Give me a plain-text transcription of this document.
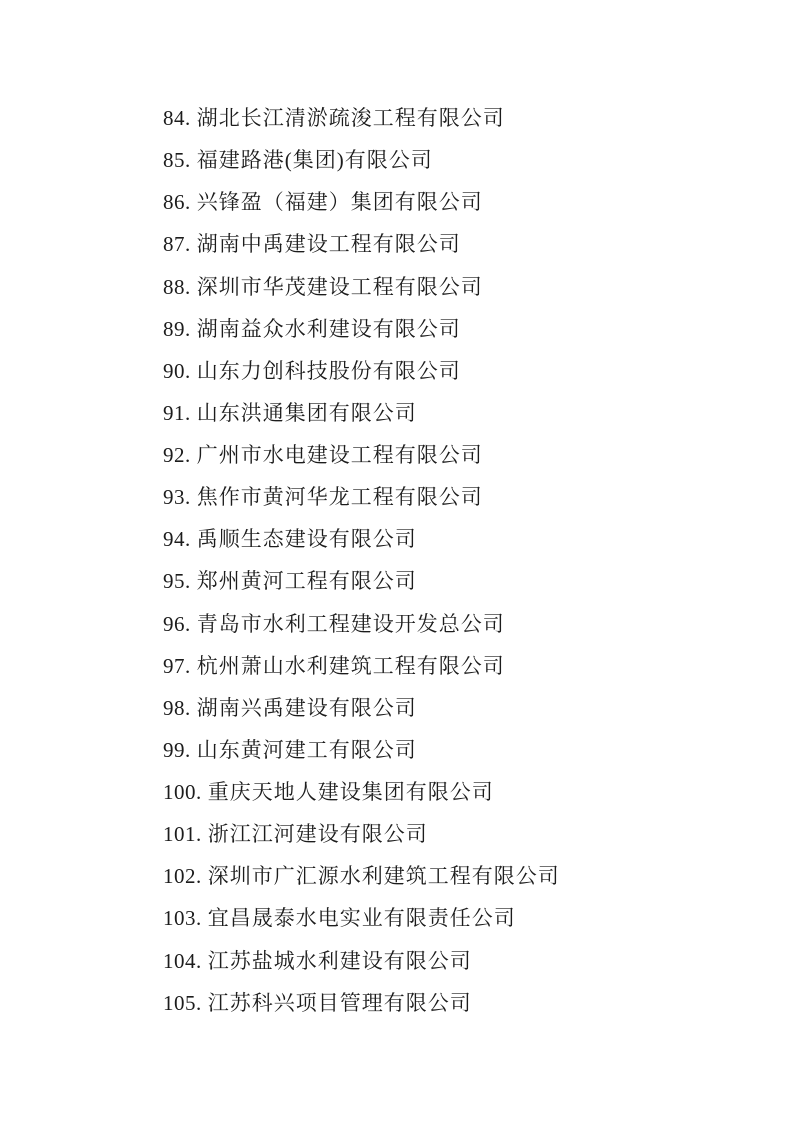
84. 湖北长江清淤疏浚工程有限公司
85. 福建路港(集团)有限公司
86. 兴锋盈（福建）集团有限公司
87. 湖南中禹建设工程有限公司
88. 深圳市华茂建设工程有限公司
89. 湖南益众水利建设有限公司
90. 山东力创科技股份有限公司
91. 山东洪通集团有限公司
92. 广州市水电建设工程有限公司
93. 焦作市黄河华龙工程有限公司
94. 禹顺生态建设有限公司
95. 郑州黄河工程有限公司
96. 青岛市水利工程建设开发总公司
97. 杭州萧山水利建筑工程有限公司
98. 湖南兴禹建设有限公司
99. 山东黄河建工有限公司
100. 重庆天地人建设集团有限公司
101. 浙江江河建设有限公司
102. 深圳市广汇源水利建筑工程有限公司
103. 宜昌晟泰水电实业有限责任公司
104. 江苏盐城水利建设有限公司
105. 江苏科兴项目管理有限公司
